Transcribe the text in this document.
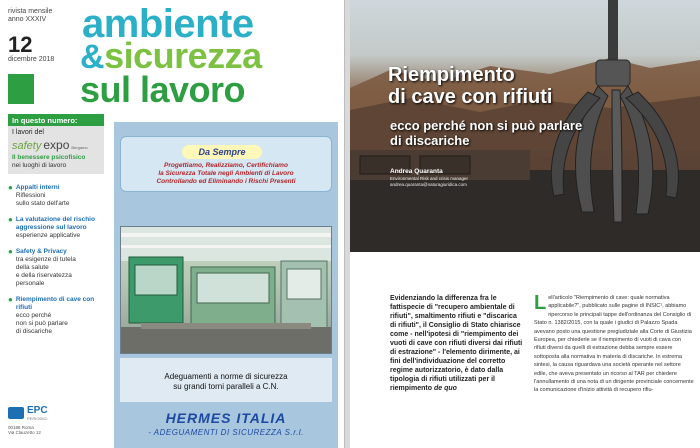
rivista mensile
anno XXXIV
12
dicembre 2018
ambiente
&sicurezza
sul lavoro
In questo numero:
I lavori del
safety expo Bergamo
Il benessere psicofisico
nei luoghi di lavoro
● Appalti interni
Riflessioni
sullo stato dell'arte
● La valutazione del rischio aggressione sul lavoro
esperienze applicative
● Safety & Privacy
tra esigenze di tutela
della salute
e della riservatezza
personale
● Riempimento di cave con rifiuti
ecco perché
non si può parlare
di discariche
EPC
PERIODICI
00188 Roma
Via Clauzetto 12
Da Sempre
Progettiamo, Realizziamo, Certifichiamo
la Sicurezza Totale negli Ambienti di Lavoro
Controllando ed Eliminando i Rischi Presenti
Adeguamenti a norme di sicurezza
su grandi torni paralleli a C.N.
HERMES ITALIA
- ADEGUAMENTI DI SICUREZZA S.r.l.
Riempimento
di cave con rifiuti
ecco perché non si può parlare
di discariche
Andrea Quaranta
Environmental Risk and crisis manager
andrea.quaranta@naturagiuridica.com
Evidenziando la differenza fra le fattispecie di "recupero ambientale di rifiuti", smaltimento rifiuti e "discarica di rifiuti", il Consiglio di Stato chiarisce come - nell'ipotesi di "riempimento dei vuoti di cave con rifiuti diversi dai rifiuti di estrazione" - l'elemento dirimente, ai fini dell'individuazione del corretto regime autorizzatorio, è dato dalla tipologia di rifiuti utilizzati per il riempimento de quo
L ell'articolo "Riempimento di cave: quale normativa applicabile?", pubblicato sulle pagine di INSIC¹, abbiamo ripercorso le principali tappe dell'ordinanza del Consiglio di Stato n. 1382/2015, con la quale i giudici di Palazzo Spada avevano posto una questione pregiudiziale alla Corte di Giustizia Europea, per chiederle se il riempimento di vuoti di cava con rifiuti diversi da quelli di estrazione debba sempre essere sottoposta alla normativa in materia di discariche. In estrema sintesi, la causa riguardava una società operante nel settore edile, che aveva presentato un ricorso al TAR per chiedere l'annullamento di una nota di un dirigente provinciale concernente la comunicazione d'inizio attività di recupero rifiu-
